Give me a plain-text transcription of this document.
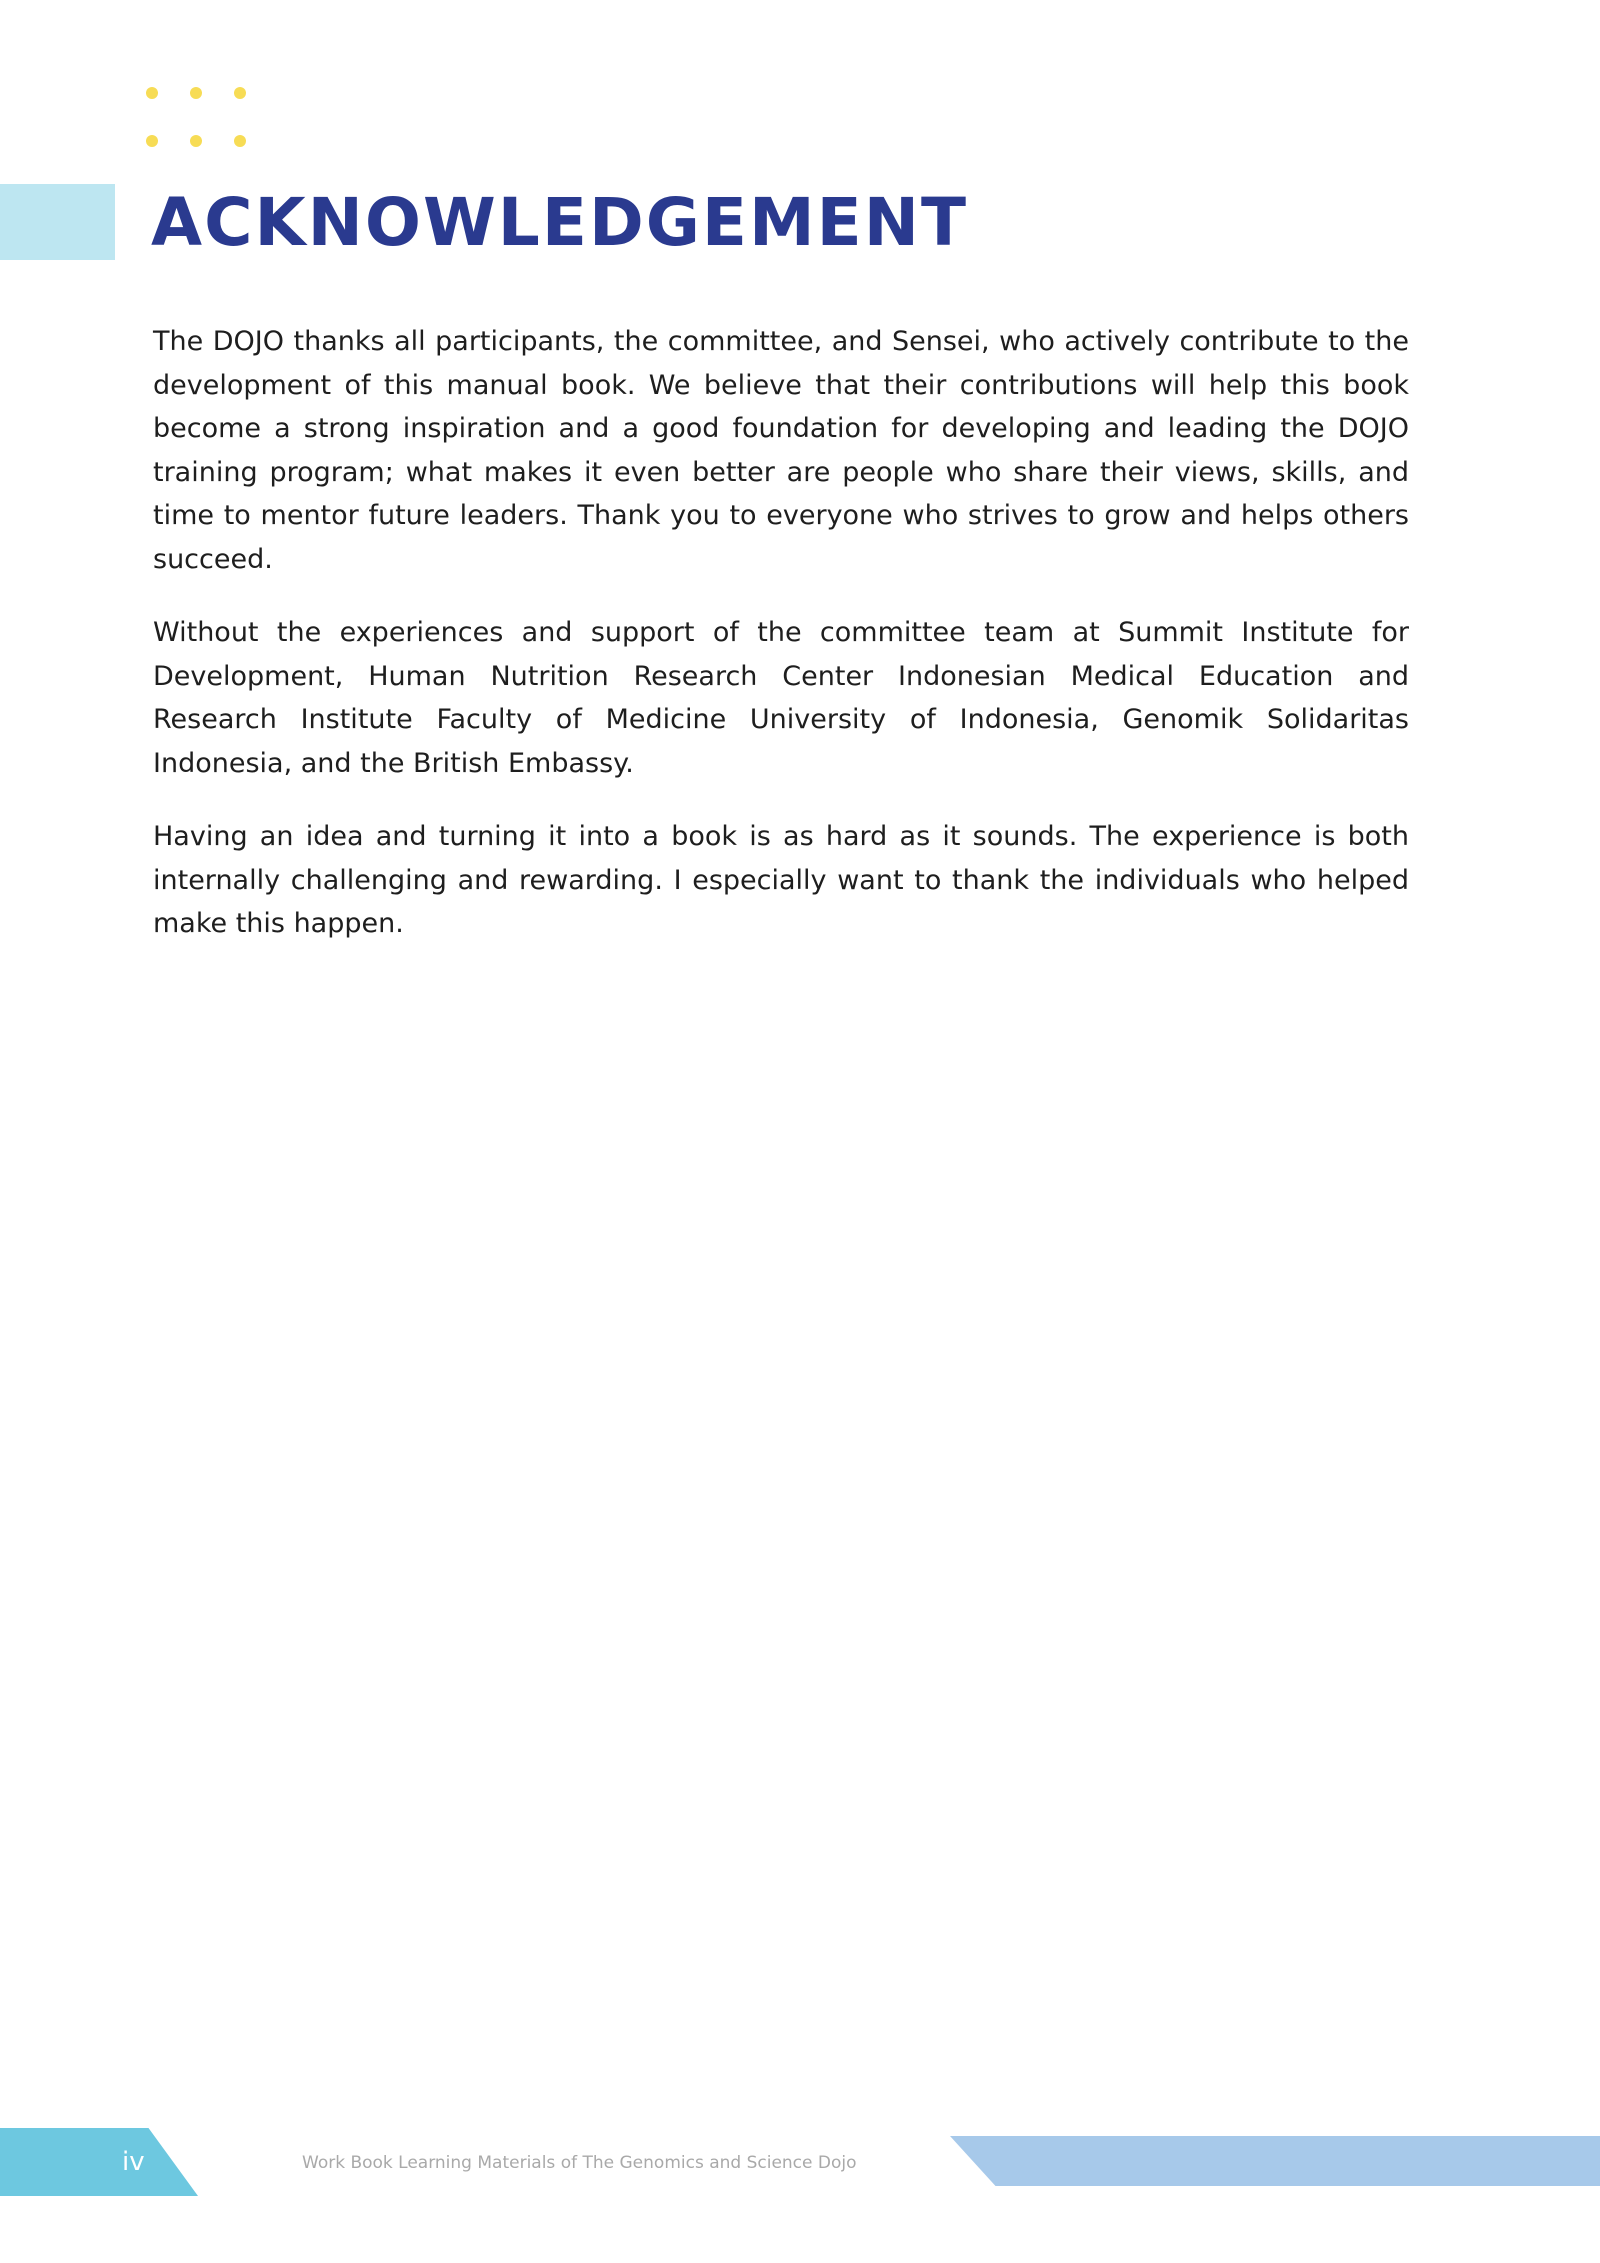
ACKNOWLEDGEMENT

The DOJO thanks all participants, the committee, and Sensei, who actively contribute to the development of this manual book. We believe that their contributions will help this book become a strong inspiration and a good foundation for developing and leading the DOJO training program; what makes it even better are people who share their views, skills, and time to mentor future leaders. Thank you to everyone who strives to grow and helps others succeed.

Without the experiences and support of the committee team at Summit Institute for Development, Human Nutrition Research Center Indonesian Medical Education and Research Institute Faculty of Medicine University of Indonesia, Genomik Solidaritas Indonesia, and the British Embassy.

Having an idea and turning it into a book is as hard as it sounds. The experience is both internally challenging and rewarding. I especially want to thank the individuals who helped make this happen.

iv	Work Book Learning Materials of The Genomics and Science Dojo
